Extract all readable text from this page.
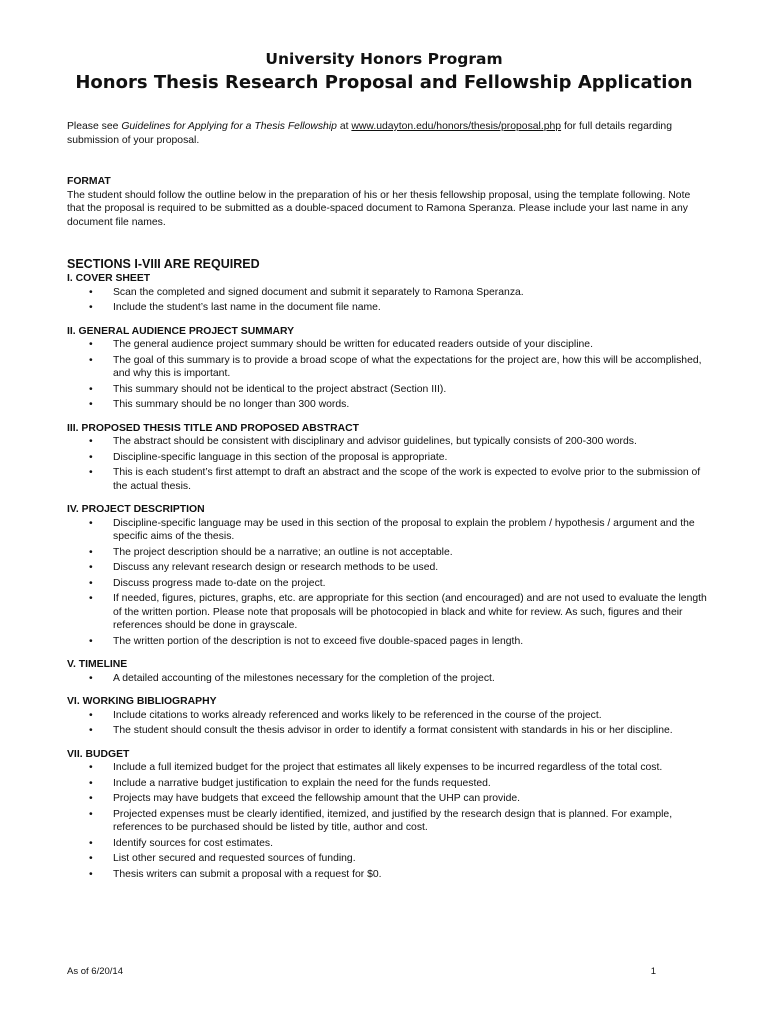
University Honors Program
Honors Thesis Research Proposal and Fellowship Application

Please see Guidelines for Applying for a Thesis Fellowship at www.udayton.edu/honors/thesis/proposal.php for full details regarding submission of your proposal.

FORMAT

The student should follow the outline below in the preparation of his or her thesis fellowship proposal, using the template following. Note that the proposal is required to be submitted as a double-spaced document to Ramona Speranza. Please include your last name in any document file names.

SECTIONS I-VIII ARE REQUIRED

I. COVER SHEET

• Scan the completed and signed document and submit it separately to Ramona Speranza.
• Include the student’s last name in the document file name.

II. GENERAL AUDIENCE PROJECT SUMMARY

• The general audience project summary should be written for educated readers outside of your discipline.
• The goal of this summary is to provide a broad scope of what the expectations for the project are, how this will be accomplished, and why this is important.
• This summary should not be identical to the project abstract (Section III).
• This summary should be no longer than 300 words.

III. PROPOSED THESIS TITLE AND PROPOSED ABSTRACT

• The abstract should be consistent with disciplinary and advisor guidelines, but typically consists of 200-300 words.
• Discipline-specific language in this section of the proposal is appropriate.
• This is each student’s first attempt to draft an abstract and the scope of the work is expected to evolve prior to the submission of the actual thesis.

IV. PROJECT DESCRIPTION

• Discipline-specific language may be used in this section of the proposal to explain the problem / hypothesis / argument and the specific aims of the thesis.
• The project description should be a narrative; an outline is not acceptable.
• Discuss any relevant research design or research methods to be used.
• Discuss progress made to-date on the project.
• If needed, figures, pictures, graphs, etc. are appropriate for this section (and encouraged) and are not used to evaluate the length of the written portion. Please note that proposals will be photocopied in black and white for review. As such, figures and their references should be done in grayscale.
• The written portion of the description is not to exceed five double-spaced pages in length.

V. TIMELINE

• A detailed accounting of the milestones necessary for the completion of the project.

VI. WORKING BIBLIOGRAPHY

• Include citations to works already referenced and works likely to be referenced in the course of the project.
• The student should consult the thesis advisor in order to identify a format consistent with standards in his or her discipline.

VII. BUDGET

• Include a full itemized budget for the project that estimates all likely expenses to be incurred regardless of the total cost.
• Include a narrative budget justification to explain the need for the funds requested.
• Projects may have budgets that exceed the fellowship amount that the UHP can provide.
• Projected expenses must be clearly identified, itemized, and justified by the research design that is planned. For example, references to be purchased should be listed by title, author and cost.
• Identify sources for cost estimates.
• List other secured and requested sources of funding.
• Thesis writers can submit a proposal with a request for $0.
As of 6/20/14	1
